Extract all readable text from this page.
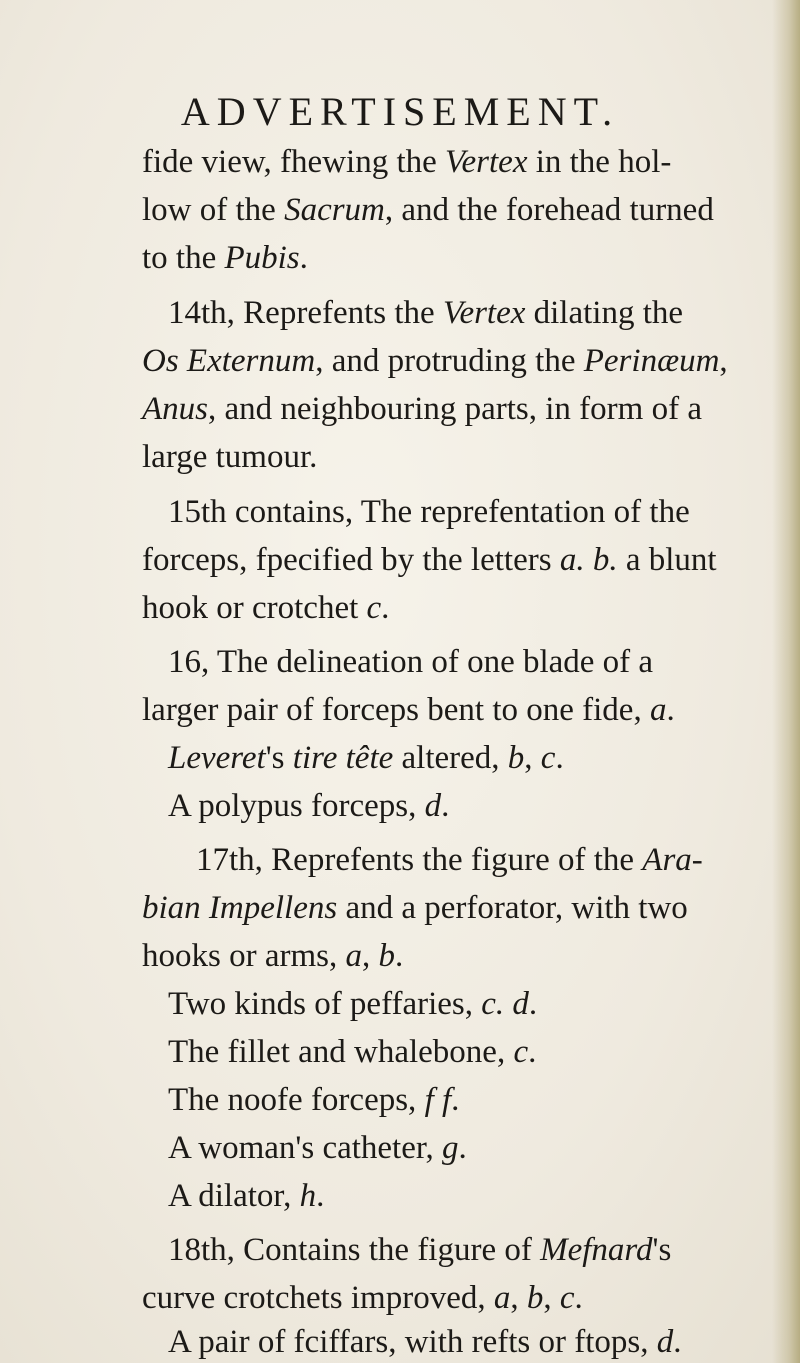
ADVERTISEMENT.

fide view, fhewing the Vertex in the hol-

low of the Sacrum, and the forehead turned

to the Pubis.

14th, Reprefents the Vertex dilating the

Os Externum, and protruding the Perinæum,

Anus, and neighbouring parts, in form of a

large tumour.

15th contains, The reprefentation of the

forceps, fpecified by the letters a. b. a blunt

hook or crotchet c.

16, The delineation of one blade of a

larger pair of forceps bent to one fide, a.

Leveret's tire tête altered, b, c.

A polypus forceps, d.

17th, Reprefents the figure of the Ara-

bian Impellens and a perforator, with two

hooks or arms, a, b.

Two kinds of peffaries, c. d.

The fillet and whalebone, c.

The noofe forceps, f f.

A woman's catheter, g.

A dilator, h.

18th, Contains the figure of Mefnard's

curve crotchets improved, a, b, c.

A pair of fciffars, with refts or ftops, d.
